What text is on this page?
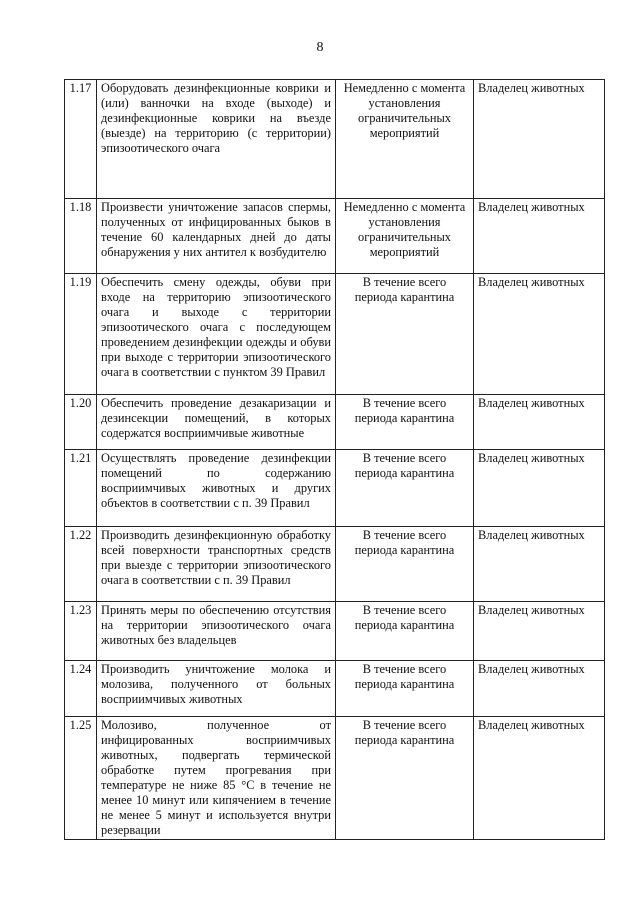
8
1.17	Оборудовать дезинфекционные коврики и (или) ванночки на входе (выходе) и дезинфекционные коврики на въезде (выезде) на территорию (с территории) эпизоотического очага	Немедленно с момента установления ограничительных мероприятий	Владелец животных
1.18	Произвести уничтожение запасов спермы, полученных от инфицированных быков в течение 60 календарных дней до даты обнаружения у них антител к возбудителю	Немедленно с момента установления ограничительных мероприятий	Владелец животных
1.19	Обеспечить смену одежды, обуви при входе на территорию эпизоотического очага и выходе с территории эпизоотического очага с последующем проведением дезинфекции одежды и обуви при выходе с территории эпизоотического очага в соответствии с пунктом 39 Правил	В течение всего периода карантина	Владелец животных
1.20	Обеспечить проведение дезакаризации и дезинсекции помещений, в которых содержатся восприимчивые животные	В течение всего периода карантина	Владелец животных
1.21	Осуществлять проведение дезинфекции помещений по содержанию восприимчивых животных и других объектов в соответствии с п. 39 Правил	В течение всего периода карантина	Владелец животных
1.22	Производить дезинфекционную обработку всей поверхности транспортных средств при выезде с территории эпизоотического очага в соответствии с п. 39 Правил	В течение всего периода карантина	Владелец животных
1.23	Принять меры по обеспечению отсутствия на территории эпизоотического очага животных без владельцев	В течение всего периода карантина	Владелец животных
1.24	Производить уничтожение молока и молозива, полученного от больных восприимчивых животных	В течение всего периода карантина	Владелец животных
1.25	Молозиво, полученное от инфицированных восприимчивых животных, подвергать термической обработке путем прогревания при температуре не ниже 85 °С в течение не менее 10 минут или кипячением в течение не менее 5 минут и используется внутри резервации	В течение всего периода карантина	Владелец животных
